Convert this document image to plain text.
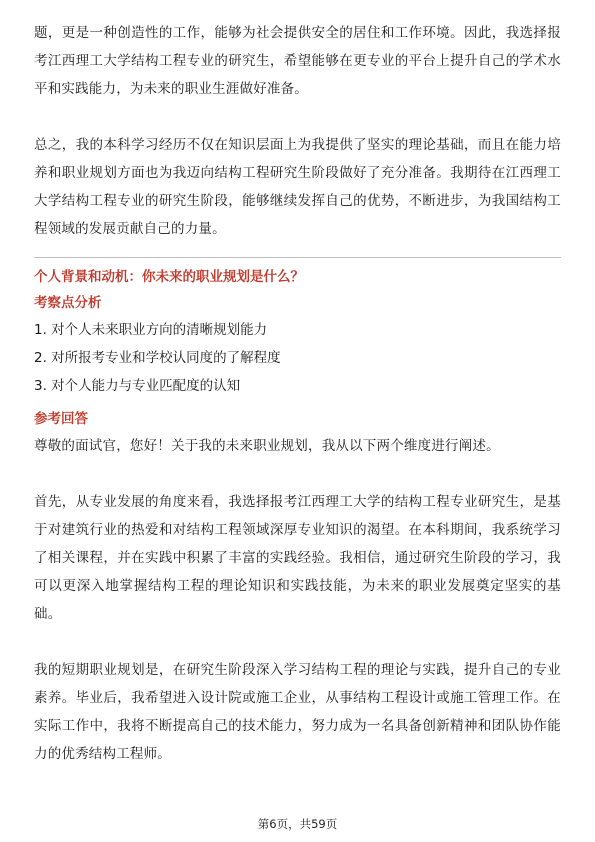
题，更是一种创造性的工作，能够为社会提供安全的居住和工作环境。因此，我选择报考江西理工大学结构工程专业的研究生，希望能够在更专业的平台上提升自己的学术水平和实践能力，为未来的职业生涯做好准备。

总之，我的本科学习经历不仅在知识层面上为我提供了坚实的理论基础，而且在能力培养和职业规划方面也为我迈向结构工程研究生阶段做好了充分准备。我期待在江西理工大学结构工程专业的研究生阶段，能够继续发挥自己的优势，不断进步，为我国结构工程领域的发展贡献自己的力量。

个人背景和动机：你未来的职业规划是什么？
考察点分析
1. 对个人未来职业方向的清晰规划能力
2. 对所报考专业和学校认同度的了解程度
3. 对个人能力与专业匹配度的认知
参考回答

尊敬的面试官，您好！关于我的未来职业规划，我从以下两个维度进行阐述。

首先，从专业发展的角度来看，我选择报考江西理工大学的结构工程专业研究生，是基于对建筑行业的热爱和对结构工程领域深厚专业知识的渴望。在本科期间，我系统学习了相关课程，并在实践中积累了丰富的实践经验。我相信，通过研究生阶段的学习，我可以更深入地掌握结构工程的理论知识和实践技能，为未来的职业发展奠定坚实的基础。

我的短期职业规划是，在研究生阶段深入学习结构工程的理论与实践，提升自己的专业素养。毕业后，我希望进入设计院或施工企业，从事结构工程设计或施工管理工作。在实际工作中，我将不断提高自己的技术能力，努力成为一名具备创新精神和团队协作能力的优秀结构工程师。

第6页，共59页
